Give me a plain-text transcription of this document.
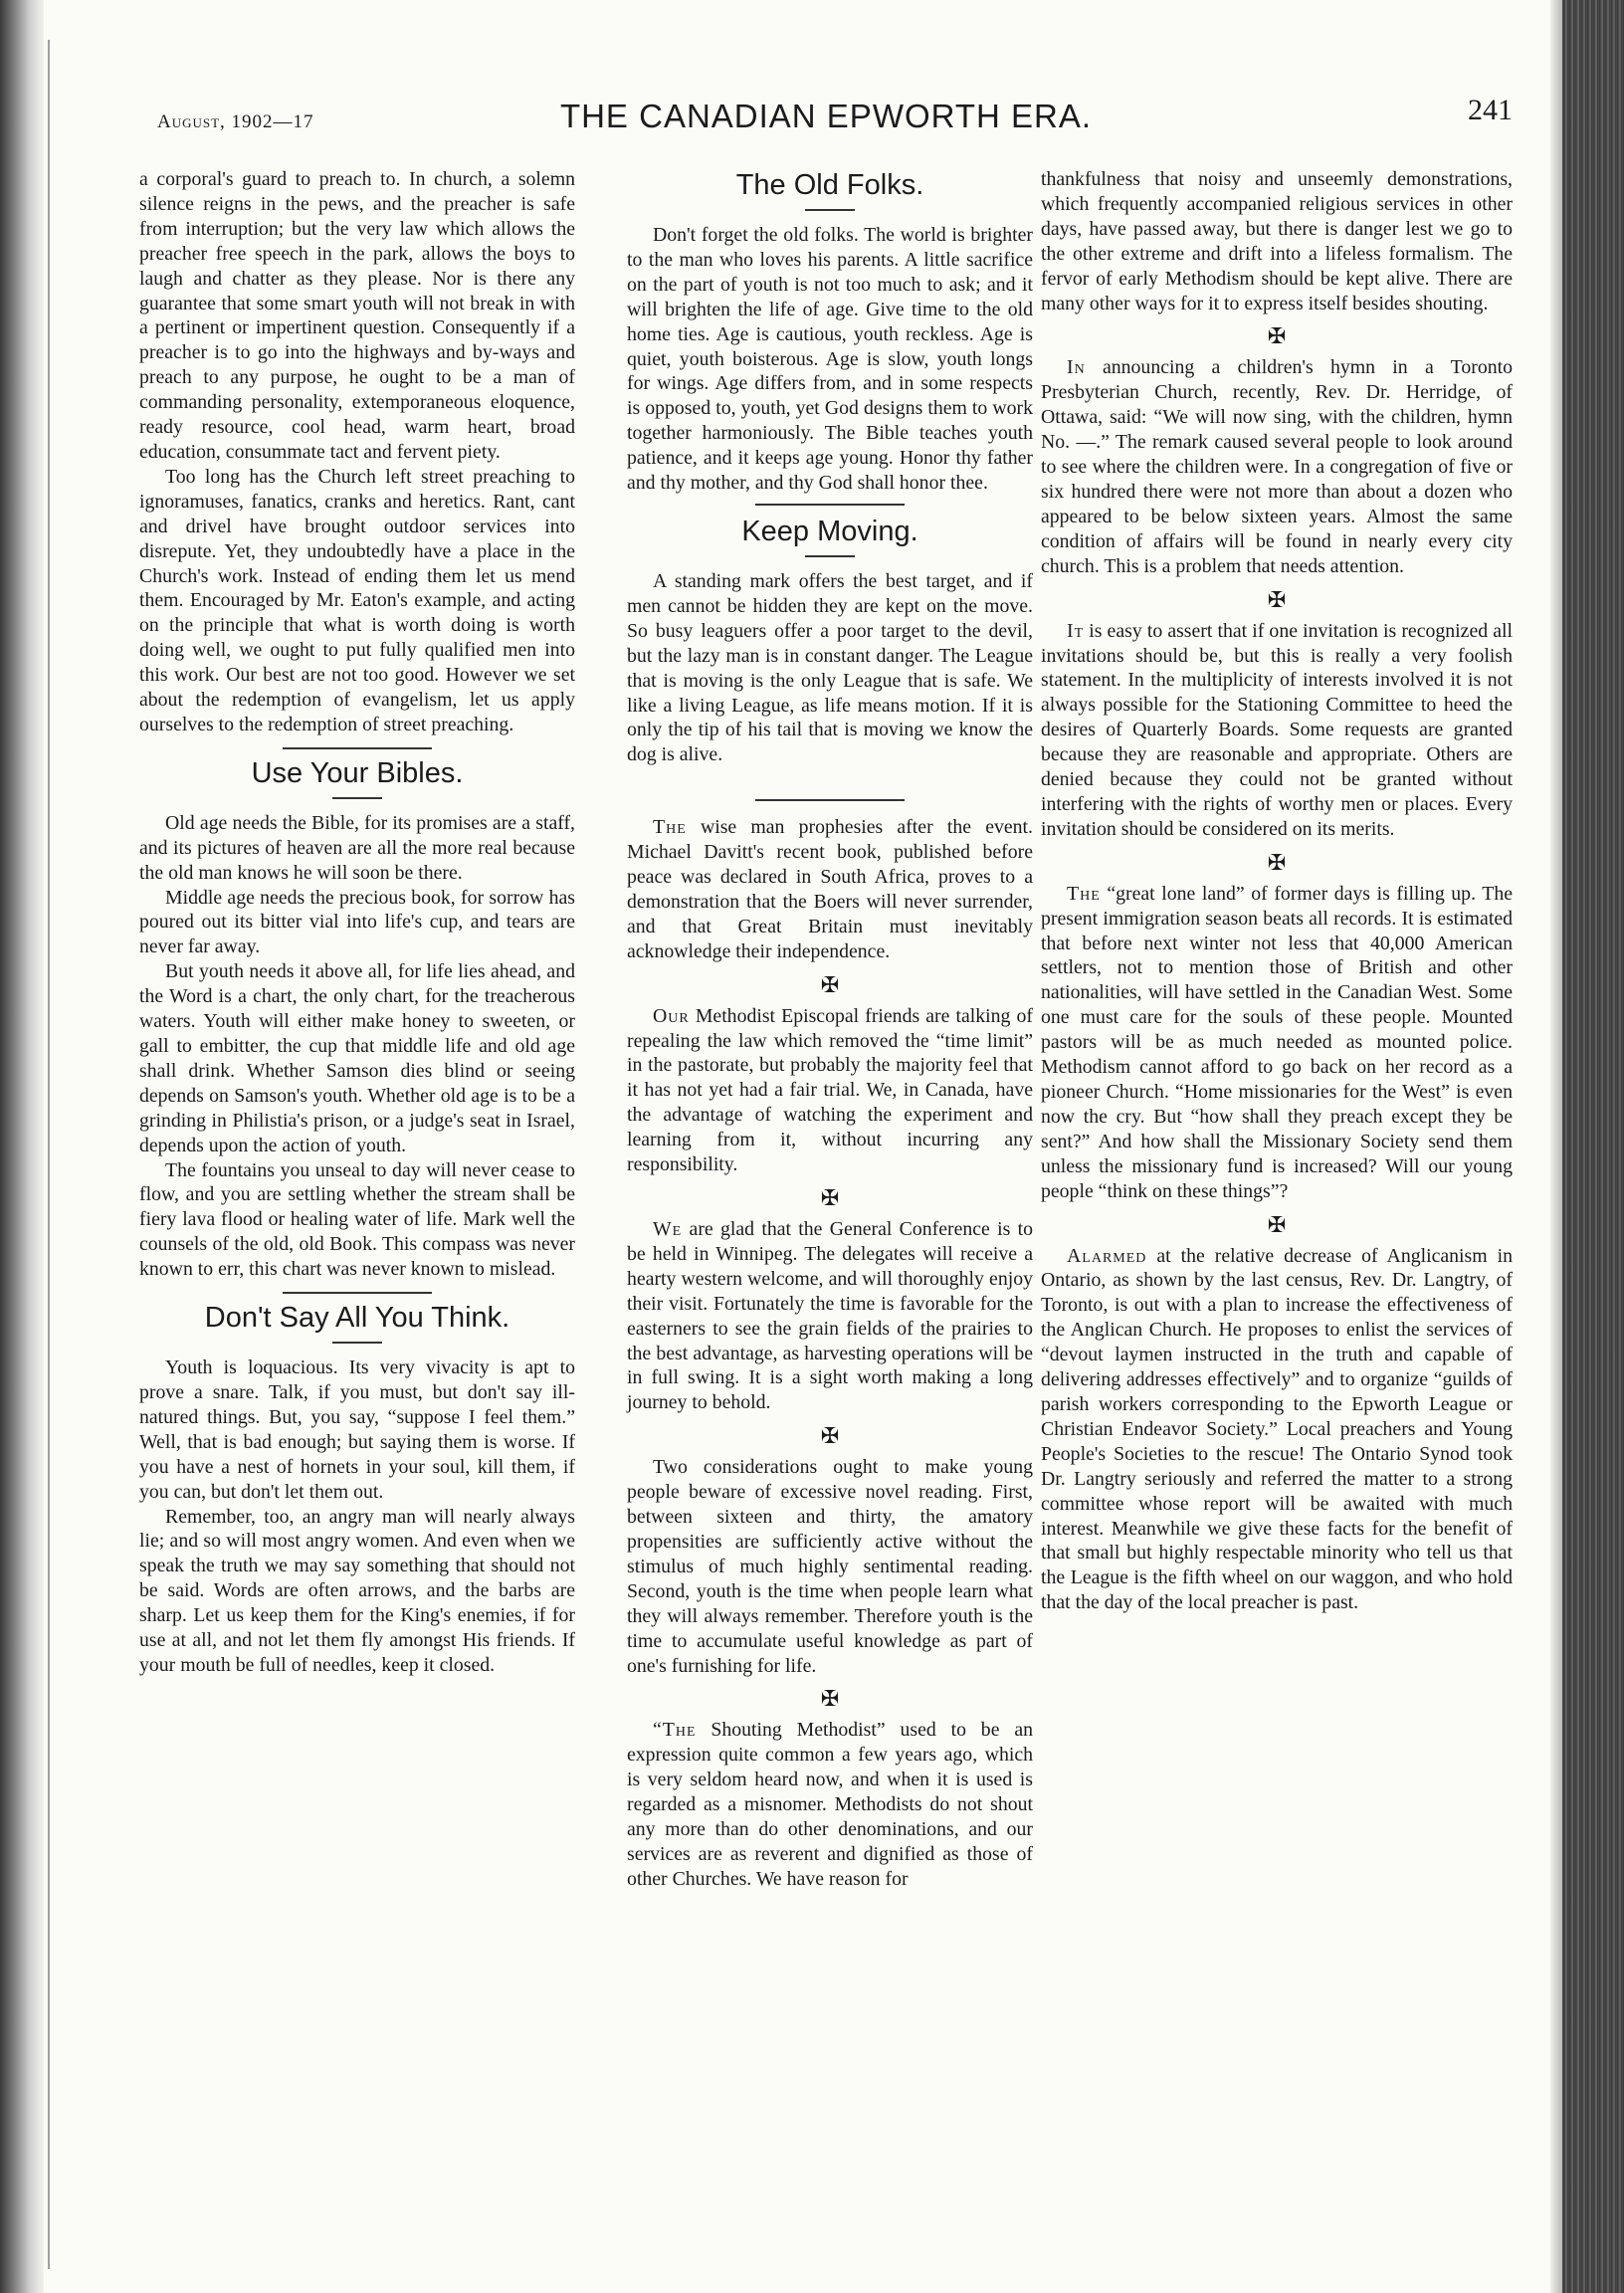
August, 1902—17	THE CANADIAN EPWORTH ERA.	241

a corporal's guard to preach to. In church, a solemn silence reigns in the pews, and the preacher is safe from interruption; but the very law which allows the preacher free speech in the park, allows the boys to laugh and chatter as they please. Nor is there any guarantee that some smart youth will not break in with a pertinent or impertinent question. Consequently if a preacher is to go into the highways and by-ways and preach to any purpose, he ought to be a man of commanding personality, extemporaneous eloquence, ready resource, cool head, warm heart, broad education, consummate tact and fervent piety.

Too long has the Church left street preaching to ignoramuses, fanatics, cranks and heretics. Rant, cant and drivel have brought outdoor services into disrepute. Yet, they undoubtedly have a place in the Church's work. Instead of ending them let us mend them. Encouraged by Mr. Eaton's example, and acting on the principle that what is worth doing is worth doing well, we ought to put fully qualified men into this work. Our best are not too good. However we set about the redemption of evangelism, let us apply ourselves to the redemption of street preaching.

Use Your Bibles.

Old age needs the Bible, for its promises are a staff, and its pictures of heaven are all the more real because the old man knows he will soon be there.

Middle age needs the precious book, for sorrow has poured out its bitter vial into life's cup, and tears are never far away.

But youth needs it above all, for life lies ahead, and the Word is a chart, the only chart, for the treacherous waters. Youth will either make honey to sweeten, or gall to embitter, the cup that middle life and old age shall drink. Whether Samson dies blind or seeing depends on Samson's youth. Whether old age is to be a grinding in Philistia's prison, or a judge's seat in Israel, depends upon the action of youth.

The fountains you unseal to day will never cease to flow, and you are settling whether the stream shall be fiery lava flood or healing water of life. Mark well the counsels of the old, old Book. This compass was never known to err, this chart was never known to mislead.

Don't Say All You Think.

Youth is loquacious. Its very vivacity is apt to prove a snare. Talk, if you must, but don't say ill-natured things. But, you say, “suppose I feel them.” Well, that is bad enough; but saying them is worse. If you have a nest of hornets in your soul, kill them, if you can, but don't let them out.

Remember, too, an angry man will nearly always lie; and so will most angry women. And even when we speak the truth we may say something that should not be said. Words are often arrows, and the barbs are sharp. Let us keep them for the King's enemies, if for use at all, and not let them fly amongst His friends. If your mouth be full of needles, keep it closed.

The Old Folks.

Don't forget the old folks. The world is brighter to the man who loves his parents. A little sacrifice on the part of youth is not too much to ask; and it will brighten the life of age. Give time to the old home ties. Age is cautious, youth reckless. Age is quiet, youth boisterous. Age is slow, youth longs for wings. Age differs from, and in some respects is opposed to, youth, yet God designs them to work together harmoniously. The Bible teaches youth patience, and it keeps age young. Honor thy father and thy mother, and thy God shall honor thee.

Keep Moving.

A standing mark offers the best target, and if men cannot be hidden they are kept on the move. So busy leaguers offer a poor target to the devil, but the lazy man is in constant danger. The League that is moving is the only League that is safe. We like a living League, as life means motion. If it is only the tip of his tail that is moving we know the dog is alive.

The wise man prophesies after the event. Michael Davitt's recent book, published before peace was declared in South Africa, proves to a demonstration that the Boers will never surrender, and that Great Britain must inevitably acknowledge their independence.

✠

Our Methodist Episcopal friends are talking of repealing the law which removed the “time limit” in the pastorate, but probably the majority feel that it has not yet had a fair trial. We, in Canada, have the advantage of watching the experiment and learning from it, without incurring any responsibility.

✠

We are glad that the General Conference is to be held in Winnipeg. The delegates will receive a hearty western welcome, and will thoroughly enjoy their visit. Fortunately the time is favorable for the easterners to see the grain fields of the prairies to the best advantage, as harvesting operations will be in full swing. It is a sight worth making a long journey to behold.

✠

Two considerations ought to make young people beware of excessive novel reading. First, between sixteen and thirty, the amatory propensities are sufficiently active without the stimulus of much highly sentimental reading. Second, youth is the time when people learn what they will always remember. Therefore youth is the time to accumulate useful knowledge as part of one's furnishing for life.

✠

“The Shouting Methodist” used to be an expression quite common a few years ago, which is very seldom heard now, and when it is used is regarded as a misnomer. Methodists do not shout any more than do other denominations, and our services are as reverent and dignified as those of other Churches. We have reason for

thankfulness that noisy and unseemly demonstrations, which frequently accompanied religious services in other days, have passed away, but there is danger lest we go to the other extreme and drift into a lifeless formalism. The fervor of early Methodism should be kept alive. There are many other ways for it to express itself besides shouting.

✠

In announcing a children's hymn in a Toronto Presbyterian Church, recently, Rev. Dr. Herridge, of Ottawa, said: “We will now sing, with the children, hymn No. —.” The remark caused several people to look around to see where the children were. In a congregation of five or six hundred there were not more than about a dozen who appeared to be below sixteen years. Almost the same condition of affairs will be found in nearly every city church. This is a problem that needs attention.

✠

It is easy to assert that if one invitation is recognized all invitations should be, but this is really a very foolish statement. In the multiplicity of interests involved it is not always possible for the Stationing Committee to heed the desires of Quarterly Boards. Some requests are granted because they are reasonable and appropriate. Others are denied because they could not be granted without interfering with the rights of worthy men or places. Every invitation should be considered on its merits.

✠

The “great lone land” of former days is filling up. The present immigration season beats all records. It is estimated that before next winter not less that 40,000 American settlers, not to mention those of British and other nationalities, will have settled in the Canadian West. Some one must care for the souls of these people. Mounted pastors will be as much needed as mounted police. Methodism cannot afford to go back on her record as a pioneer Church. “Home missionaries for the West” is even now the cry. But “how shall they preach except they be sent?” And how shall the Missionary Society send them unless the missionary fund is increased? Will our young people “think on these things”?

✠

Alarmed at the relative decrease of Anglicanism in Ontario, as shown by the last census, Rev. Dr. Langtry, of Toronto, is out with a plan to increase the effectiveness of the Anglican Church. He proposes to enlist the services of “devout laymen instructed in the truth and capable of delivering addresses effectively” and to organize “guilds of parish workers corresponding to the Epworth League or Christian Endeavor Society.” Local preachers and Young People's Societies to the rescue! The Ontario Synod took Dr. Langtry seriously and referred the matter to a strong committee whose report will be awaited with much interest. Meanwhile we give these facts for the benefit of that small but highly respectable minority who tell us that the League is the fifth wheel on our waggon, and who hold that the day of the local preacher is past.
